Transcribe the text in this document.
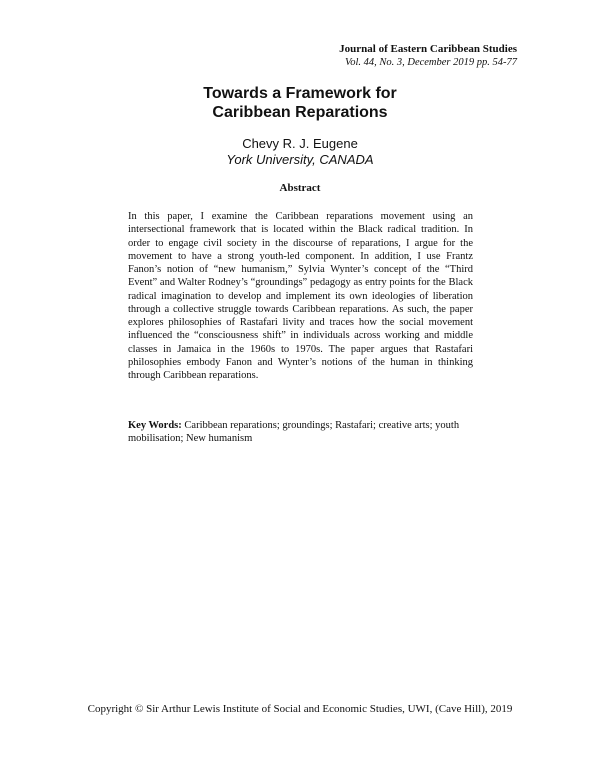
Journal of Eastern Caribbean Studies
Vol. 44, No. 3, December 2019 pp. 54-77
Towards a Framework for
Caribbean Reparations
Chevy R. J. Eugene
York University, CANADA
Abstract

In this paper, I examine the Caribbean reparations movement using an intersectional framework that is located within the Black radical tradition. In order to engage civil society in the discourse of reparations, I argue for the movement to have a strong youth-led component. In addition, I use Frantz Fanon’s notion of “new humanism,” Sylvia Wynter’s concept of the “Third Event” and Walter Rodney’s “groundings” pedagogy as entry points for the Black radical imagination to develop and implement its own ideologies of liberation through a collective struggle towards Caribbean reparations. As such, the paper explores philosophies of Rastafari livity and traces how the social movement influenced the “consciousness shift” in individuals across working and middle classes in Jamaica in the 1960s to 1970s. The paper argues that Rastafari philosophies embody Fanon and Wynter’s notions of the human in thinking through Caribbean reparations.

Key Words: Caribbean reparations; groundings; Rastafari; creative arts; youth mobilisation; New humanism

Copyright © Sir Arthur Lewis Institute of Social and Economic Studies, UWI, (Cave Hill), 2019
